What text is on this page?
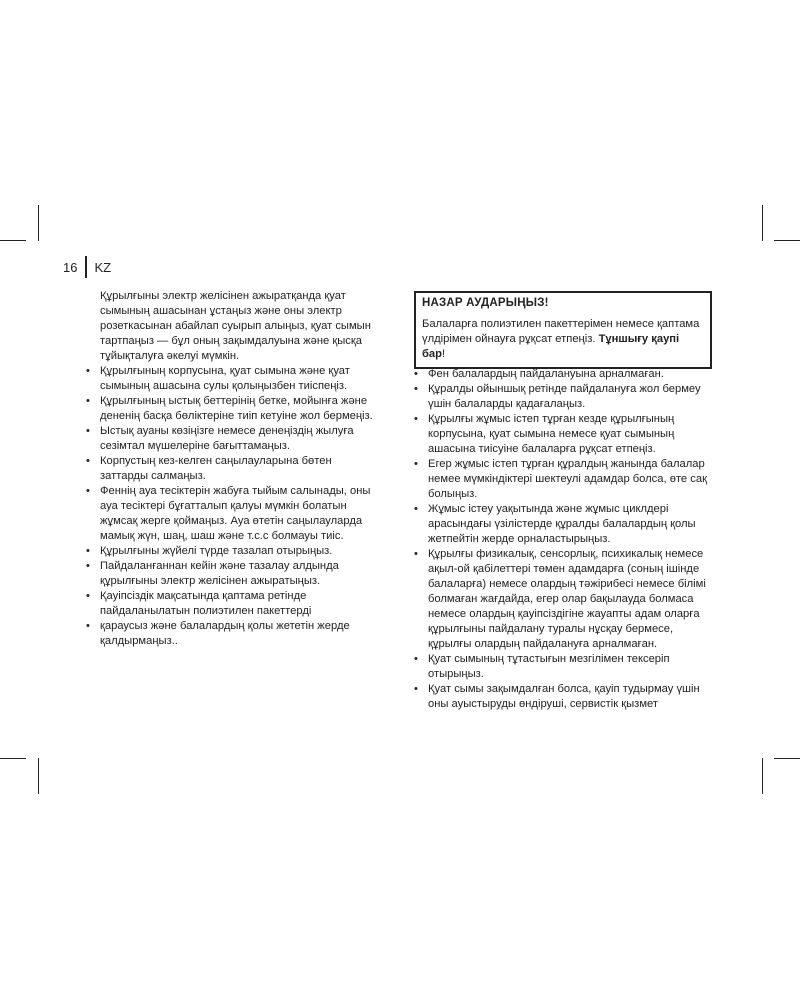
16 KZ

Құрылғыны электр желісінен ажыратқанда қуат сымының ашасынан ұстаңыз және оны электр розеткасынан абайлап суырып алыңыз, қуат сымын тартпаңыз — бұл оның зақымдалуына және қысқа тұйықталуға әкелуі мүмкін.

• Құрылғының корпусына, қуат сымына және қуат сымының ашасына сулы қолыңызбен тиіспеңіз.
• Құрылғының ыстық беттерінің бетке, мойынға және дененің басқа бөліктеріне тиіп кетуіне жол бермеңіз.
• Ыстық ауаны көзіңізге немесе денеңіздің жылуға сезімтал мүшелеріне бағыттамаңыз.
• Корпустың кез-келген саңылауларына бөтен заттарды салмаңыз.
• Феннің ауа тесіктерін жабуға тыйым салынады, оны ауа тесіктері бұғатталып қалуы мүмкін болатын жұмсақ жерге қоймаңыз. Ауа өтетін саңылауларда мамық жүн, шаң, шаш және т.с.с болмауы тиіс.
• Құрылғыны жүйелі түрде тазалап отырыңыз.
• Пайдаланғаннан кейін және тазалау алдында құрылғыны электр желісінен ажыратыңыз.
• Қауіпсіздік мақсатында қаптама ретінде пайдаланылатын полиэтилен пакеттерді
• қараусыз және балалардың қолы жететін жерде қалдырмаңыз..
НАЗАР АУДАРЫҢЫЗ!
Балаларға полиэтилен пакеттерімен немесе қаптама үлдірімен ойнауға рұқсат етпеңіз. Тұншығу қаупі бар!
• Фен балалардың пайдалануына арналмаған.
• Құралды ойыншық ретінде пайдалануға жол бермеу үшін балаларды қадағалаңыз.
• Құрылғы жұмыс істеп тұрған кезде құрылғының корпусына, қуат сымына немесе қуат сымының ашасына тиісуіне балаларға рұқсат етпеңіз.
• Егер жұмыс істеп тұрған құралдың жанында балалар немее мүмкіндіктері шектеулі адамдар болса, өте сақ болыңыз.
• Жұмыс істеу уақытында және жұмыс циклдері арасындағы үзілістерде құралды балалардың қолы жетпейтін жерде орналастырыңыз.
• Құрылғы физикалық, сенсорлық, психикалық немесе ақыл-ой қабілеттері төмен адамдарға (соның ішінде балаларға) немесе олардың тәжірибесі немесе білімі болмаған жағдайда, егер олар бақылауда болмаса немесе олардың қауіпсіздігіне жауапты адам оларға құрылғыны пайдалану туралы нұсқау бермесе, құрылғы олардың пайдалануға арналмаған.
• Қуат сымының тұтастығын мезгілімен тексеріп отырыңыз.
• Қуат сымы зақымдалған болса, қауіп тудырмау үшін оны ауыстыруды өндіруші, сервистік қызмет
